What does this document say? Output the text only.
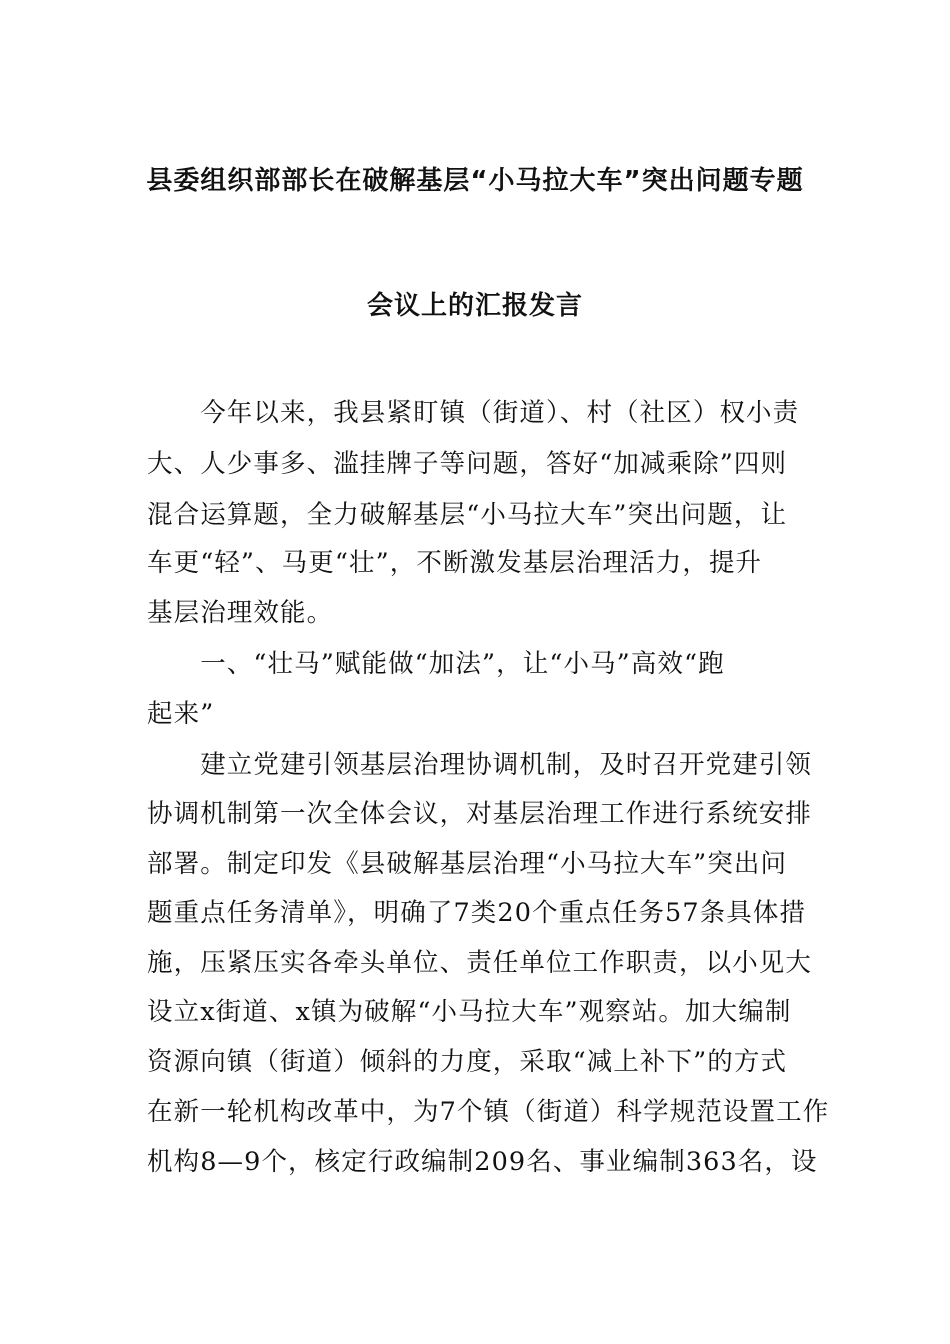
县委组织部部长在破解基层“小马拉大车”突出问题专题
会议上的汇报发言
　　今年以来，我县紧盯镇（街道）、村（社区）权小责
大、人少事多、滥挂牌子等问题，答好“加减乘除”四则
混合运算题，全力破解基层“小马拉大车”突出问题，让
车更“轻”、马更“壮”，不断激发基层治理活力，提升
基层治理效能。
　　一、“壮马”赋能做“加法”，让“小马”高效“跑
起来”
　　建立党建引领基层治理协调机制，及时召开党建引领
协调机制第一次全体会议，对基层治理工作进行系统安排
部署。制定印发《县破解基层治理“小马拉大车”突出问
题重点任务清单》，明确了7类20个重点任务57条具体措
施，压紧压实各牵头单位、责任单位工作职责，以小见大
设立x街道、x镇为破解“小马拉大车”观察站。加大编制
资源向镇（街道）倾斜的力度，采取“减上补下”的方式
在新一轮机构改革中，为7个镇（街道）科学规范设置工作
机构8—9个，核定行政编制209名、事业编制363名，设
